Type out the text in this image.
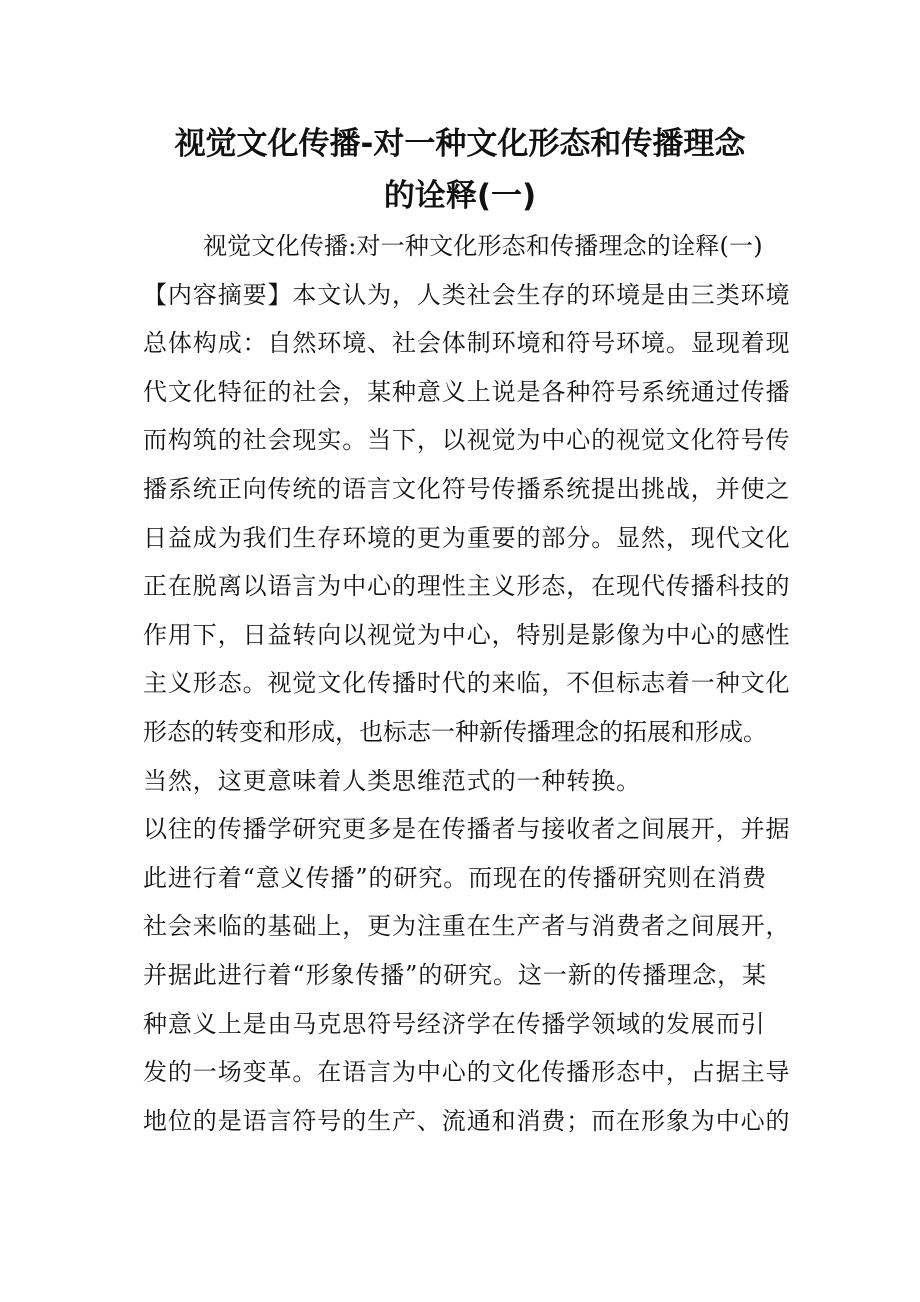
视觉文化传播-对一种文化形态和传播理念
的诠释(一)
视觉文化传播:对一种文化形态和传播理念的诠释(一)
【内容摘要】本文认为，人类社会生存的环境是由三类环境
总体构成：自然环境、社会体制环境和符号环境。显现着现
代文化特征的社会，某种意义上说是各种符号系统通过传播
而构筑的社会现实。当下，以视觉为中心的视觉文化符号传
播系统正向传统的语言文化符号传播系统提出挑战，并使之
日益成为我们生存环境的更为重要的部分。显然，现代文化
正在脱离以语言为中心的理性主义形态，在现代传播科技的
作用下，日益转向以视觉为中心，特别是影像为中心的感性
主义形态。视觉文化传播时代的来临，不但标志着一种文化
形态的转变和形成，也标志一种新传播理念的拓展和形成。
当然，这更意味着人类思维范式的一种转换。
以往的传播学研究更多是在传播者与接收者之间展开，并据
此进行着“意义传播”的研究。而现在的传播研究则在消费
社会来临的基础上，更为注重在生产者与消费者之间展开，
并据此进行着“形象传播”的研究。这一新的传播理念，某
种意义上是由马克思符号经济学在传播学领域的发展而引
发的一场变革。在语言为中心的文化传播形态中，占据主导
地位的是语言符号的生产、流通和消费；而在形象为中心的
